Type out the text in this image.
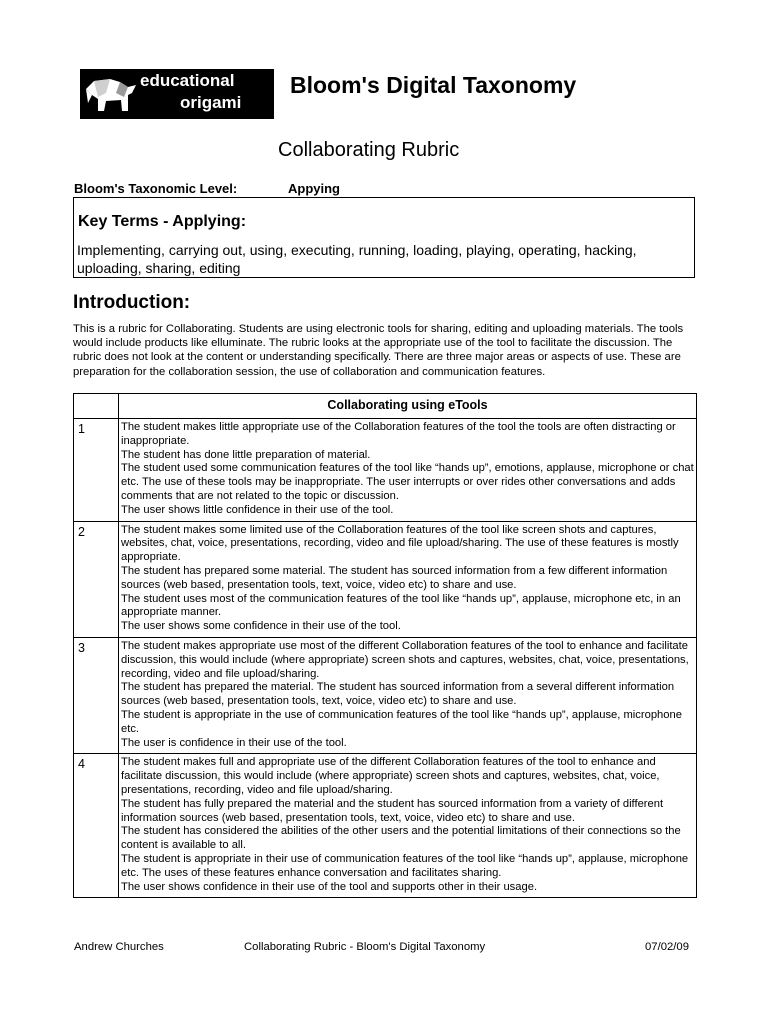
educational
origami
Bloom's Digital Taxonomy
Collaborating Rubric
Bloom's Taxonomic Level:	Appying
Key Terms - Applying:

Implementing, carrying out, using, executing, running, loading, playing, operating, hacking, uploading, sharing, editing

Introduction:

This is a rubric for Collaborating. Students are using electronic tools for sharing, editing and uploading materials. The tools would include products like elluminate. The rubric looks at the appropriate use of the tool to facilitate the discussion. The rubric does not look at the content or understanding specifically. There are three major areas or aspects of use. These are preparation for the collaboration session, the use of collaboration and communication features.

	Collaborating using eTools
1	The student makes little appropriate use of the Collaboration features of the tool the tools are often distracting or inappropriate.
The student has done little preparation of material.
The student used some communication features of the tool like “hands up”, emotions, applause, microphone or chat etc. The use of these tools may be inappropriate. The user interrupts or over rides other conversations and adds comments that are not related to the topic or discussion.
The user shows little confidence in their use of the tool.

2	The student makes some limited use of the Collaboration features of the tool like screen shots and captures, websites, chat, voice, presentations, recording, video and file upload/sharing. The use of these features is mostly appropriate.
The student has prepared some material. The student has sourced information from a few different information sources (web based, presentation tools, text, voice, video etc) to share and use.
The student uses most of the communication features of the tool like “hands up”, applause, microphone etc, in an appropriate manner.
The user shows some confidence in their use of the tool.

3	The student makes appropriate use most of the different Collaboration features of the tool to enhance and facilitate discussion, this would include (where appropriate) screen shots and captures, websites, chat, voice, presentations, recording, video and file upload/sharing.
The student has prepared the material. The student has sourced information from a several different information sources (web based, presentation tools, text, voice, video etc) to share and use.
The student is appropriate in the use of communication features of the tool like “hands up”, applause, microphone etc.
The user is confidence in their use of the tool.

4	The student makes full and appropriate use of the different Collaboration features of the tool to enhance and facilitate discussion, this would include (where appropriate) screen shots and captures, websites, chat, voice, presentations, recording, video and file upload/sharing.
The student has fully prepared the material and the student has sourced information from a variety of different information sources (web based, presentation tools, text, voice, video etc) to share and use.
The student has considered the abilities of the other users and the potential limitations of their connections so the content is available to all.
The student is appropriate in their use of communication features of the tool like “hands up”, applause, microphone etc. The uses of these features enhance conversation and facilitates sharing.
The user shows confidence in their use of the tool and supports other in their usage.
Andrew Churches	Collaborating Rubric - Bloom's Digital Taxonomy	07/02/09
